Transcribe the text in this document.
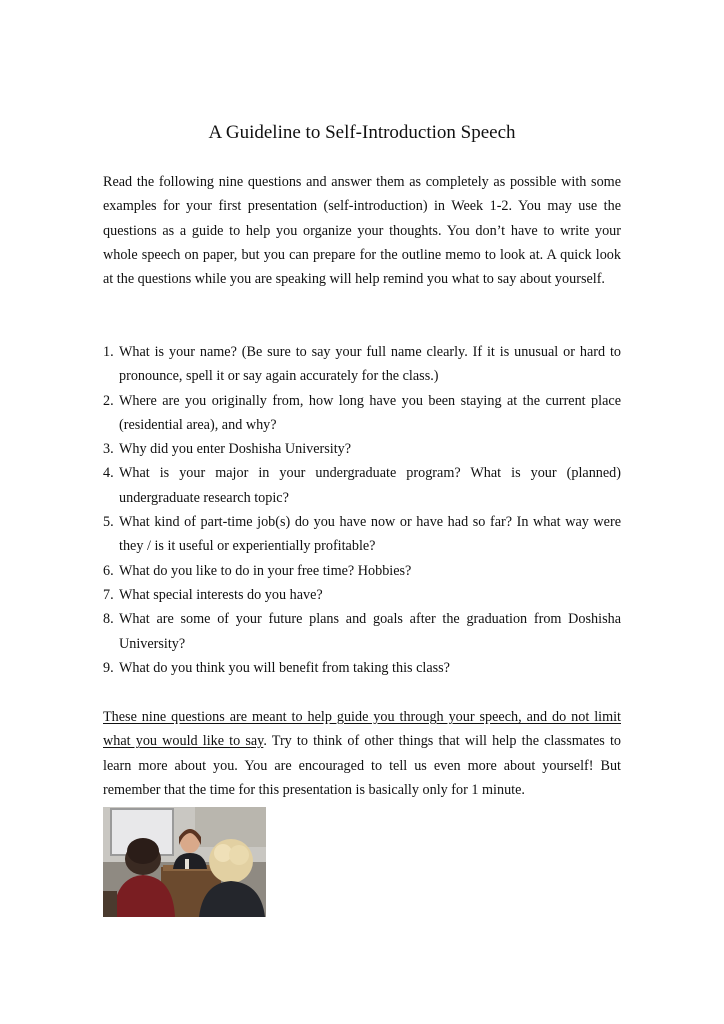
A Guideline to Self-Introduction Speech

Read the following nine questions and answer them as completely as possible with some examples for your first presentation (self-introduction) in Week 1-2. You may use the questions as a guide to help you organize your thoughts. You don’t have to write your whole speech on paper, but you can prepare for the outline memo to look at. A quick look at the questions while you are speaking will help remind you what to say about yourself.

1. What is your name? (Be sure to say your full name clearly. If it is unusual or hard to pronounce, spell it or say again accurately for the class.)
2. Where are you originally from, how long have you been staying at the current place (residential area), and why?
3. Why did you enter Doshisha University?
4. What is your major in your undergraduate program? What is your (planned) undergraduate research topic?
5. What kind of part-time job(s) do you have now or have had so far? In what way were they / is it useful or experientially profitable?
6. What do you like to do in your free time? Hobbies?
7. What special interests do you have?
8. What are some of your future plans and goals after the graduation from Doshisha University?
9. What do you think you will benefit from taking this class?

These nine questions are meant to help guide you through your speech, and do not limit what you would like to say. Try to think of other things that will help the classmates to learn more about you. You are encouraged to tell us even more about yourself! But remember that the time for this presentation is basically only for 1 minute.
